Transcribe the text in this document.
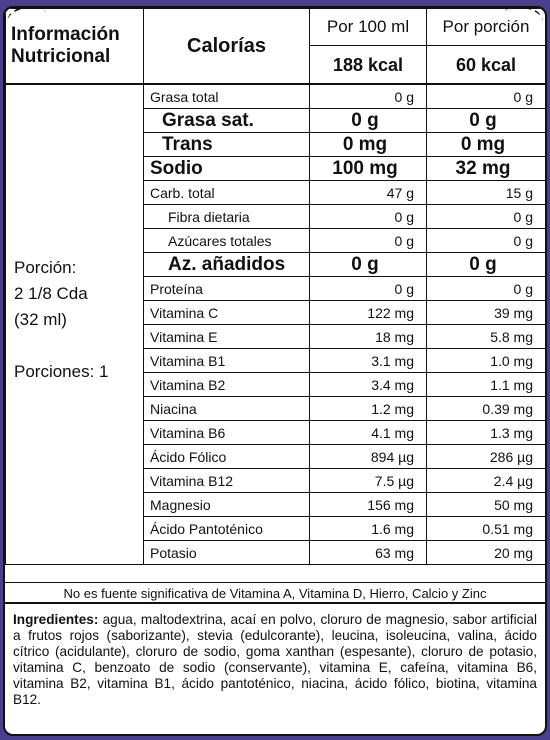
Información
Nutricional	Calorías	Por 100 ml	Por porción
		188 kcal	60 kcal

Porción:
2 1/8 Cda
(32 ml)
Porciones: 1	Grasa total	0 g	0 g
	Grasa sat.	0 g	0 g
	Trans	0 mg	0 mg
	Sodio	100 mg	32 mg
	Carb. total	47 g	15 g
	Fibra dietaria	0 g	0 g
	Azúcares totales	0 g	0 g
	Az. añadidos	0 g	0 g
	Proteína	0 g	0 g
	Vitamina C	122 mg	39 mg
	Vitamina E	18 mg	5.8 mg
	Vitamina B1	3.1 mg	1.0 mg
	Vitamina B2	3.4 mg	1.1 mg
	Niacina	1.2 mg	0.39 mg
	Vitamina B6	4.1 mg	1.3 mg
	Ácido Fólico	894 µg	286 µg
	Vitamina B12	7.5 µg	2.4 µg
	Magnesio	156 mg	50 mg
	Ácido Pantoténico	1.6 mg	0.51 mg
	Potasio	63 mg	20 mg
No es fuente significativa de Vitamina A, Vitamina D, Hierro, Calcio y Zinc
Ingredientes: agua, maltodextrina, acaí en polvo, cloruro de magnesio, sabor artificial a frutos rojos (saborizante), stevia (edulcorante), leucina, isoleucina, valina, ácido cítrico (acidulante), cloruro de sodio, goma xanthan (espesante), cloruro de potasio, vitamina C, benzoato de sodio (conservante), vitamina E, cafeína, vitamina B6, vitamina B2, vitamina B1, ácido pantoténico, niacina, ácido fólico, biotina, vitamina B12.
